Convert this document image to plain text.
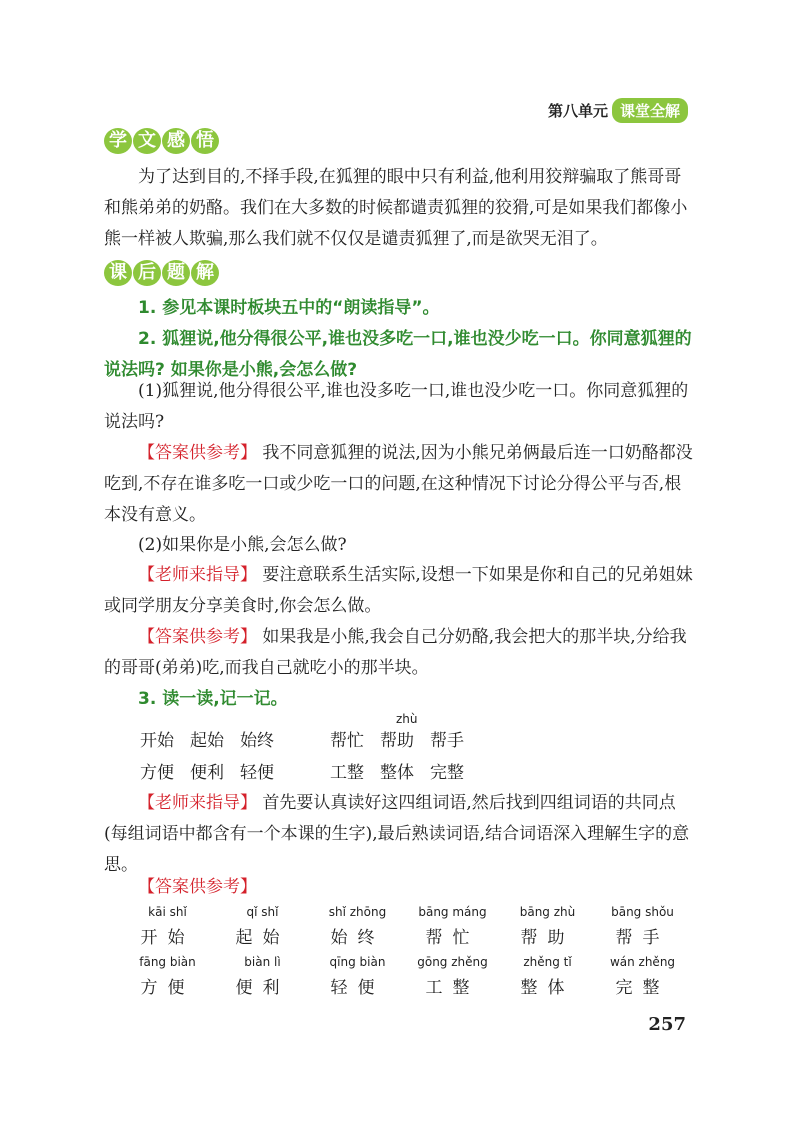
第八单元 课堂全解
学 文 感 悟

为了达到目的,不择手段,在狐狸的眼中只有利益,他利用狡辩骗取了熊哥哥和熊弟弟的奶酪。我们在大多数的时候都谴责狐狸的狡猾,可是如果我们都像小熊一样被人欺骗,那么我们就不仅仅是谴责狐狸了,而是欲哭无泪了。

课 后 题 解

1. 参见本课时板块五中的“朗读指导”。

2. 狐狸说,他分得很公平,谁也没多吃一口,谁也没少吃一口。你同意狐狸的说法吗? 如果你是小熊,会怎么做?

(1)狐狸说,他分得很公平,谁也没多吃一口,谁也没少吃一口。你同意狐狸的说法吗?

【答案供参考】 我不同意狐狸的说法,因为小熊兄弟俩最后连一口奶酪都没吃到,不存在谁多吃一口或少吃一口的问题,在这种情况下讨论分得公平与否,根本没有意义。

(2)如果你是小熊,会怎么做?

【老师来指导】 要注意联系生活实际,设想一下如果是你和自己的兄弟姐妹或同学朋友分享美食时,你会怎么做。

【答案供参考】 如果我是小熊,我会自己分奶酪,我会把大的那半块,分给我的哥哥(弟弟)吃,而我自己就吃小的那半块。

3. 读一读,记一记。

zhù
开始 起始 始终	帮忙 帮助 帮手
方便 便利 轻便	工整 整体 完整

【老师来指导】 首先要认真读好这四组词语,然后找到四组词语的共同点(每组词语中都含有一个本课的生字),最后熟读词语,结合词语深入理解生字的意思。

【答案供参考】

kāi shǐ
开始
qǐ shǐ
起始
shǐ zhōng
始终
bāng máng
帮忙
bāng zhù
帮助
bāng shǒu
帮手
fāng biàn
方便
biàn lì
便利
qīng biàn
轻便
gōng zhěng
工整
zhěng tǐ
整体
wán zhěng
完整
257
